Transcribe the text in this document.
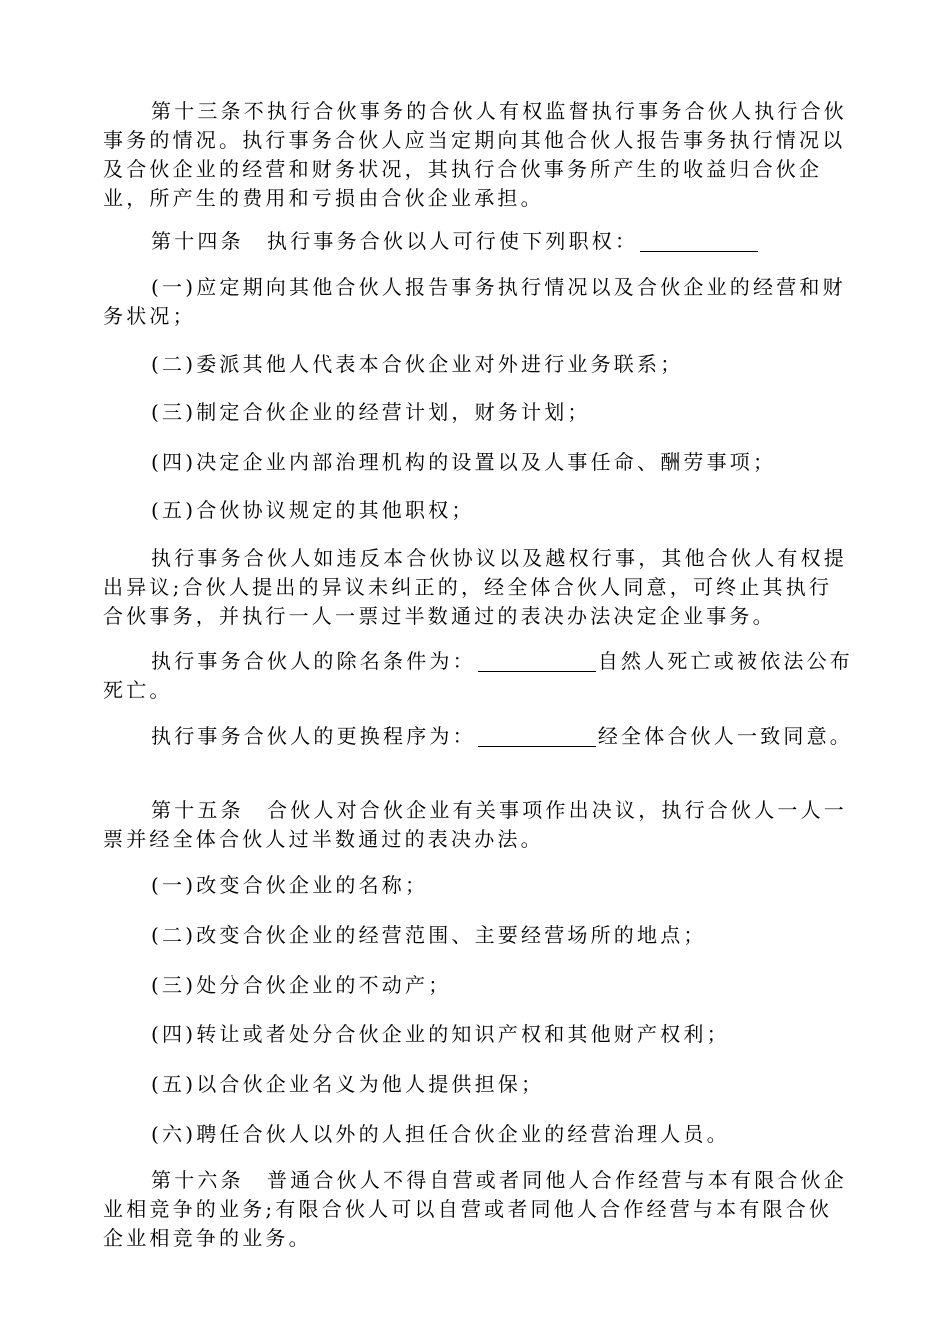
第十三条不执行合伙事务的合伙人有权监督执行事务合伙人执行合伙事务的情况。执行事务合伙人应当定期向其他合伙人报告事务执行情况以及合伙企业的经营和财务状况，其执行合伙事务所产生的收益归合伙企业，所产生的费用和亏损由合伙企业承担。

第十四条　执行事务合伙以人可行使下列职权：

(一)应定期向其他合伙人报告事务执行情况以及合伙企业的经营和财务状况；

(二)委派其他人代表本合伙企业对外进行业务联系；

(三)制定合伙企业的经营计划，财务计划；

(四)决定企业内部治理机构的设置以及人事任命、酬劳事项；

(五)合伙协议规定的其他职权；

执行事务合伙人如违反本合伙协议以及越权行事，其他合伙人有权提出异议;合伙人提出的异议未纠正的，经全体合伙人同意，可终止其执行合伙事务，并执行一人一票过半数通过的表决办法决定企业事务。

执行事务合伙人的除名条件为：	自然人死亡或被依法公布死亡。

执行事务合伙人的更换程序为：	经全体合伙人一致同意。

第十五条　合伙人对合伙企业有关事项作出决议，执行合伙人一人一票并经全体合伙人过半数通过的表决办法。

(一)改变合伙企业的名称；

(二)改变合伙企业的经营范围、主要经营场所的地点；

(三)处分合伙企业的不动产；

(四)转让或者处分合伙企业的知识产权和其他财产权利；

(五)以合伙企业名义为他人提供担保；

(六)聘任合伙人以外的人担任合伙企业的经营治理人员。

第十六条　普通合伙人不得自营或者同他人合作经营与本有限合伙企业相竞争的业务;有限合伙人可以自营或者同他人合作经营与本有限合伙企业相竞争的业务。
